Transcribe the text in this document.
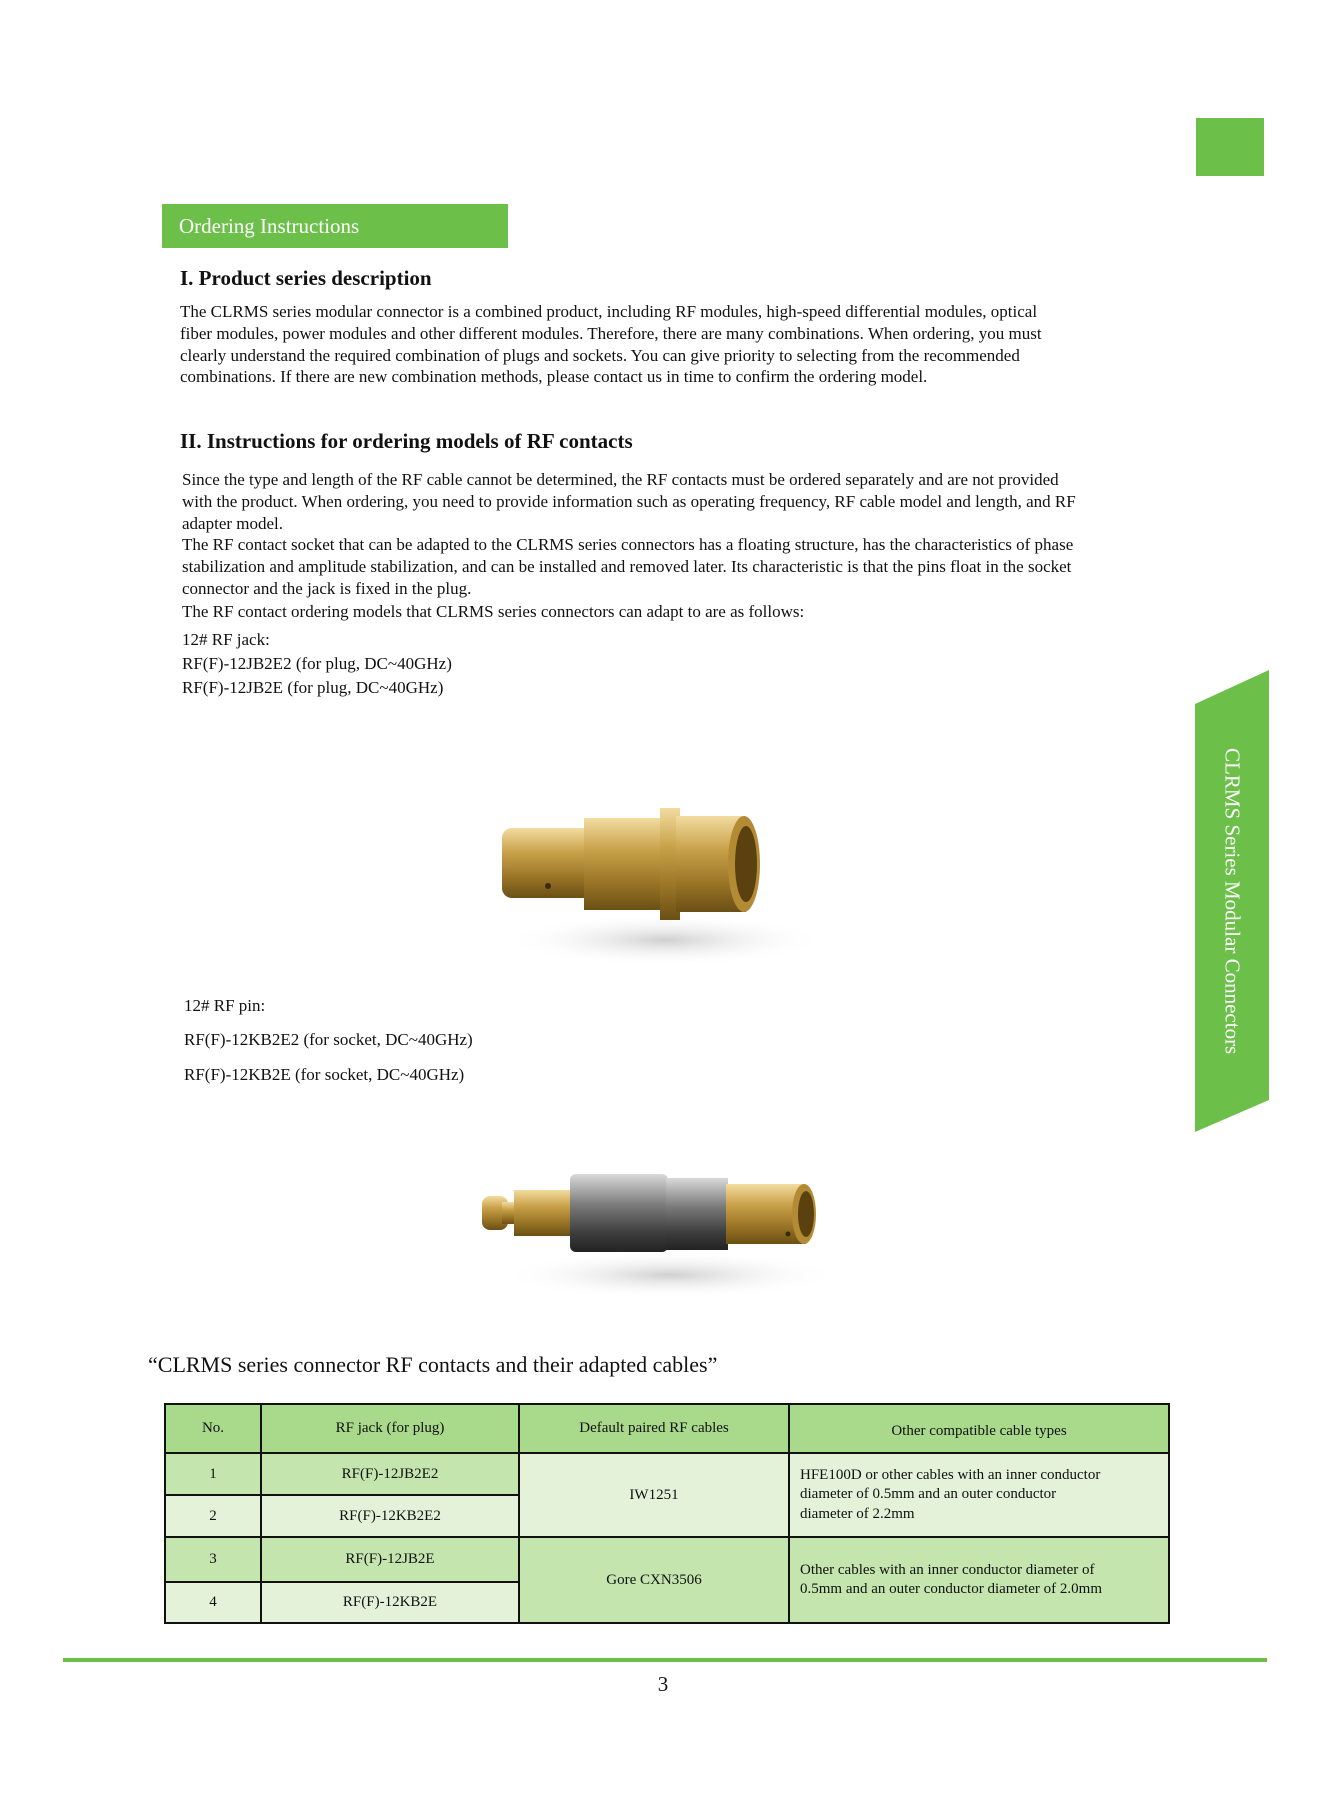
Ordering Instructions
I. Product series description
The CLRMS series modular connector is a combined product, including RF modules, high-speed differential modules, optical
fiber modules, power modules and other different modules. Therefore, there are many combinations. When ordering, you must
clearly understand the required combination of plugs and sockets. You can give priority to selecting from the recommended
combinations. If there are new combination methods, please contact us in time to confirm the ordering model.
II. Instructions for ordering models of RF contacts
Since the type and length of the RF cable cannot be determined, the RF contacts must be ordered separately and are not provided
with the product. When ordering, you need to provide information such as operating frequency, RF cable model and length, and RF
adapter model.
The RF contact socket that can be adapted to the CLRMS series connectors has a floating structure, has the characteristics of phase
stabilization and amplitude stabilization, and can be installed and removed later. Its characteristic is that the pins float in the socket
connector and the jack is fixed in the plug.
The RF contact ordering models that CLRMS series connectors can adapt to are as follows:
12# RF jack:
RF(F)-12JB2E2 (for plug, DC~40GHz)
RF(F)-12JB2E (for plug, DC~40GHz)
12# RF pin:
RF(F)-12KB2E2 (for socket, DC~40GHz)
RF(F)-12KB2E (for socket, DC~40GHz)
CLRMS Series Modular Connectors
“CLRMS series connector RF contacts and their adapted cables”
No.	RF jack (for plug)	Default paired RF cables	Other compatible cable types
1	RF(F)-12JB2E2	IW1251	HFE100D or other cables with an inner conductor
diameter of 0.5mm and an outer conductor
diameter of 2.2mm

2	RF(F)-12KB2E2		
3	RF(F)-12JB2E	Gore CXN3506	Other cables with an inner conductor diameter of
0.5mm and an outer conductor diameter of 2.0mm

4	RF(F)-12KB2E		
3
